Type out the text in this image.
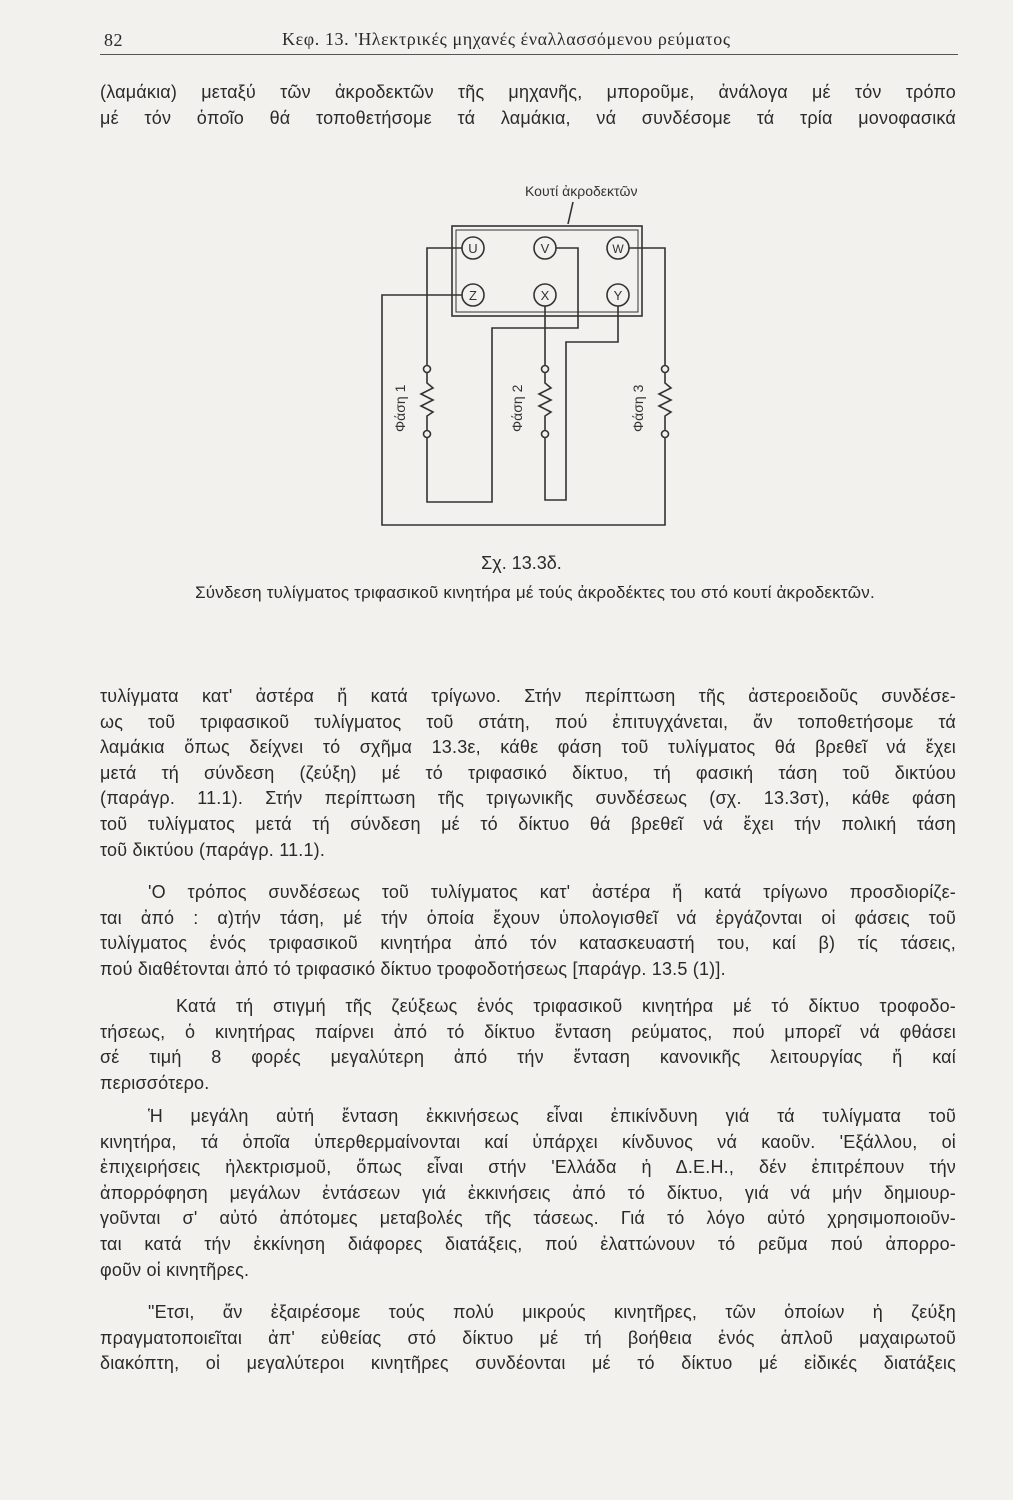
82	Κεφ. 13. 'Ηλεκτρικές μηχανές έναλλασσόμενου ρεύματος
(λαμάκια) μεταξύ τῶν ἀκροδεκτῶν τῆς μηχανῆς, μποροῦμε, ἀνάλογα μέ τόν τρόπο
μέ τόν ὁποῖο θά τοποθετήσομε τά λαμάκια, νά συνδέσομε τά τρία μονοφασικά
Κουτί ἀκροδεκτῶν
U	V	W
Z	X	Y
Φάση 1	Φάση 2	Φάση 3
Σχ. 13.3δ.
Σύνδεση τυλίγματος τριφασικοῦ κινητήρα μέ τούς ἀκροδέκτες του στό κουτί ἀκροδεκτῶν.
τυλίγματα κατ' ἀστέρα ἤ κατά τρίγωνο. Στήν περίπτωση τῆς ἀστεροειδοῦς συνδέσε-
ως τοῦ τριφασικοῦ τυλίγματος τοῦ στάτη, πού ἐπιτυγχάνεται, ἄν τοποθετήσομε τά
λαμάκια ὅπως δείχνει τό σχῆμα 13.3ε, κάθε φάση τοῦ τυλίγματος θά βρεθεῖ νά ἔχει
μετά τή σύνδεση (ζεύξη) μέ τό τριφασικό δίκτυο, τή φασική τάση τοῦ δικτύου
(παράγρ. 11.1). Στήν περίπτωση τῆς τριγωνικῆς συνδέσεως (σχ. 13.3στ), κάθε φάση
τοῦ τυλίγματος μετά τή σύνδεση μέ τό δίκτυο θά βρεθεῖ νά ἔχει τήν πολική τάση
τοῦ δικτύου (παράγρ. 11.1).
'Ο τρόπος συνδέσεως τοῦ τυλίγματος κατ' ἀστέρα ἤ κατά τρίγωνο προσδιορίζε-
ται ἀπό : α)τήν τάση, μέ τήν ὁποία ἔχουν ὑπολογισθεῖ νά ἐργάζονται οἱ φάσεις τοῦ
τυλίγματος ἑνός τριφασικοῦ κινητήρα ἀπό τόν κατασκευαστή του, καί β) τίς τάσεις,
πού διαθέτονται ἀπό τό τριφασικό δίκτυο τροφοδοτήσεως [παράγρ. 13.5 (1)].
Κατά τή στιγμή τῆς ζεύξεως ἑνός τριφασικοῦ κινητήρα μέ τό δίκτυο τροφοδο-
τήσεως, ὁ κινητήρας παίρνει ἀπό τό δίκτυο ἔνταση ρεύματος, πού μπορεῖ νά φθάσει
σέ τιμή 8 φορές μεγαλύτερη ἀπό τήν ἔνταση κανονικῆς λειτουργίας ἤ καί
περισσότερο.
Ἡ μεγάλη αὐτή ἔνταση ἐκκινήσεως εἶναι ἐπικίνδυνη γιά τά τυλίγματα τοῦ
κινητήρα, τά ὁποῖα ὑπερθερμαίνονται καί ὑπάρχει κίνδυνος νά καοῦν. 'Εξάλλου, οἱ
ἐπιχειρήσεις ἠλεκτρισμοῦ, ὅπως εἶναι στήν 'Ελλάδα ἡ Δ.Ε.Η., δέν ἐπιτρέπουν τήν
ἀπορρόφηση μεγάλων ἐντάσεων γιά ἐκκινήσεις ἀπό τό δίκτυο, γιά νά μήν δημιουρ-
γοῦνται σ' αὐτό ἀπότομες μεταβολές τῆς τάσεως. Γιά τό λόγο αὐτό χρησιμοποιοῦν-
ται κατά τήν ἐκκίνηση διάφορες διατάξεις, πού ἐλαττώνουν τό ρεῦμα πού ἀπορρο-
φοῦν οἱ κινητῆρες.
"Ετσι, ἄν ἐξαιρέσομε τούς πολύ μικρούς κινητῆρες, τῶν ὁποίων ἡ ζεύξη
πραγματοποιεῖται ἀπ' εὐθείας στό δίκτυο μέ τή βοήθεια ἑνός ἁπλοῦ μαχαιρωτοῦ
διακόπτη, οἱ μεγαλύτεροι κινητῆρες συνδέονται μέ τό δίκτυο μέ εἰδικές διατάξεις
